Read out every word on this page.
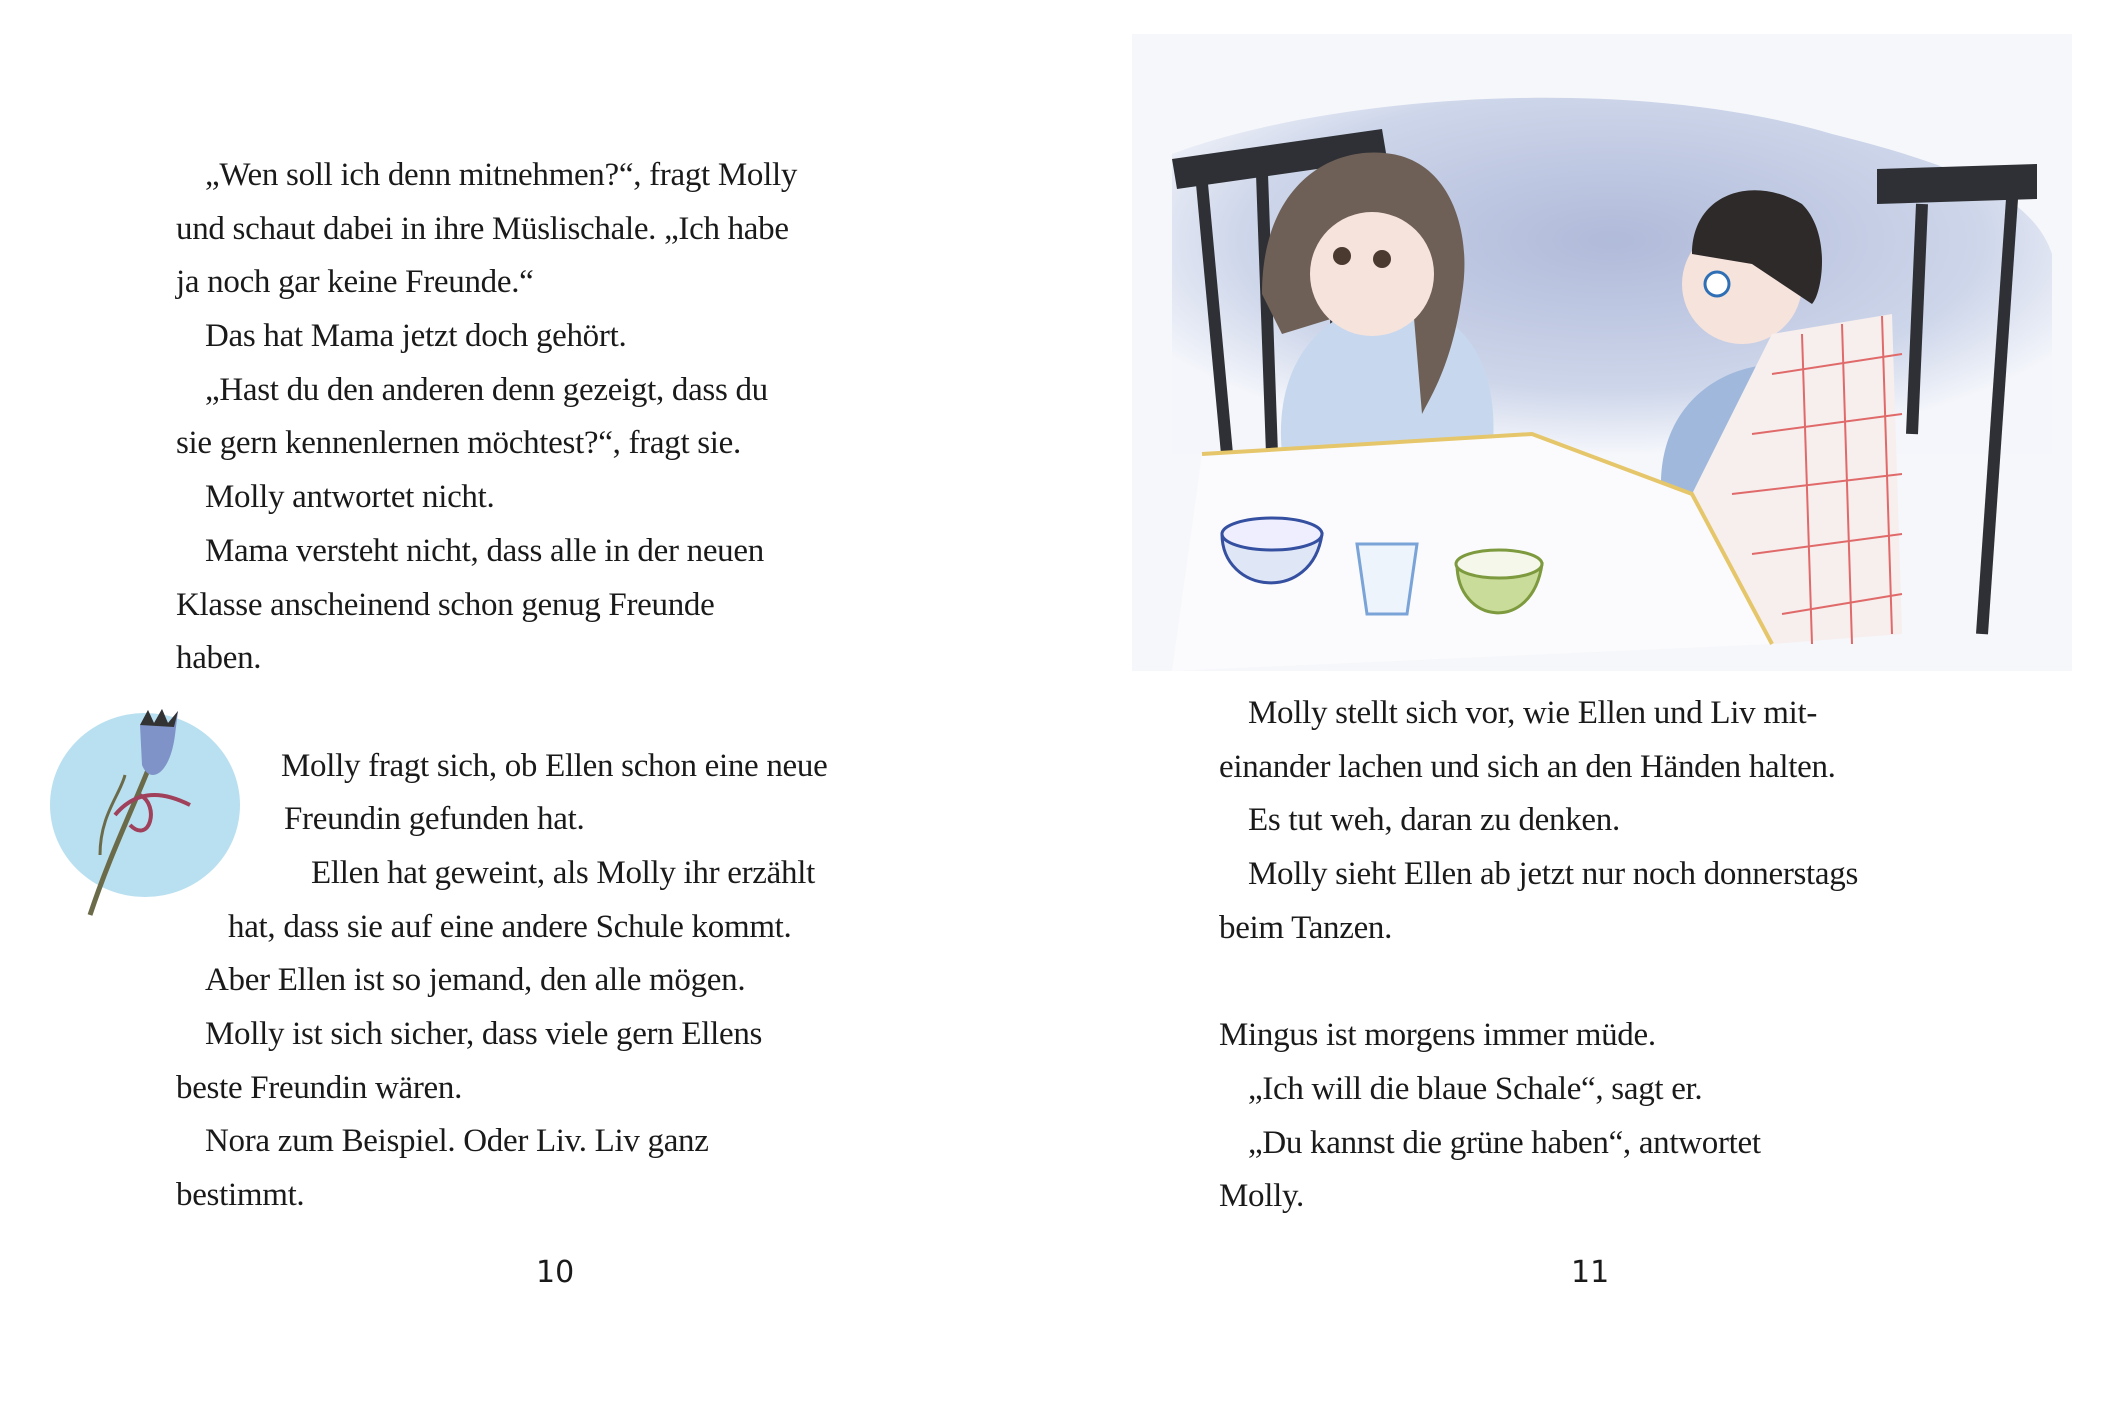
„Wen soll ich denn mitnehmen?“, fragt Molly
und schaut dabei in ihre Müslischale. „Ich habe
ja noch gar keine Freunde.“
Das hat Mama jetzt doch gehört.
„Hast du den anderen denn gezeigt, dass du
sie gern kennenlernen möchtest?“, fragt sie.
Molly antwortet nicht.
Mama versteht nicht, dass alle in der neuen
Klasse anscheinend schon genug Freunde
haben.
Molly fragt sich, ob Ellen schon eine neue
Freundin gefunden hat.
Ellen hat geweint, als Molly ihr erzählt
hat, dass sie auf eine andere Schule kommt.
Aber Ellen ist so jemand, den alle mögen.
Molly ist sich sicher, dass viele gern Ellens
beste Freundin wären.
Nora zum Beispiel. Oder Liv. Liv ganz
bestimmt.
10
Molly stellt sich vor, wie Ellen und Liv mit-
einander lachen und sich an den Händen halten.
Es tut weh, daran zu denken.
Molly sieht Ellen ab jetzt nur noch donnerstags
beim Tanzen.
Mingus ist morgens immer müde.
„Ich will die blaue Schale“, sagt er.
„Du kannst die grüne haben“, antwortet
Molly.
11
